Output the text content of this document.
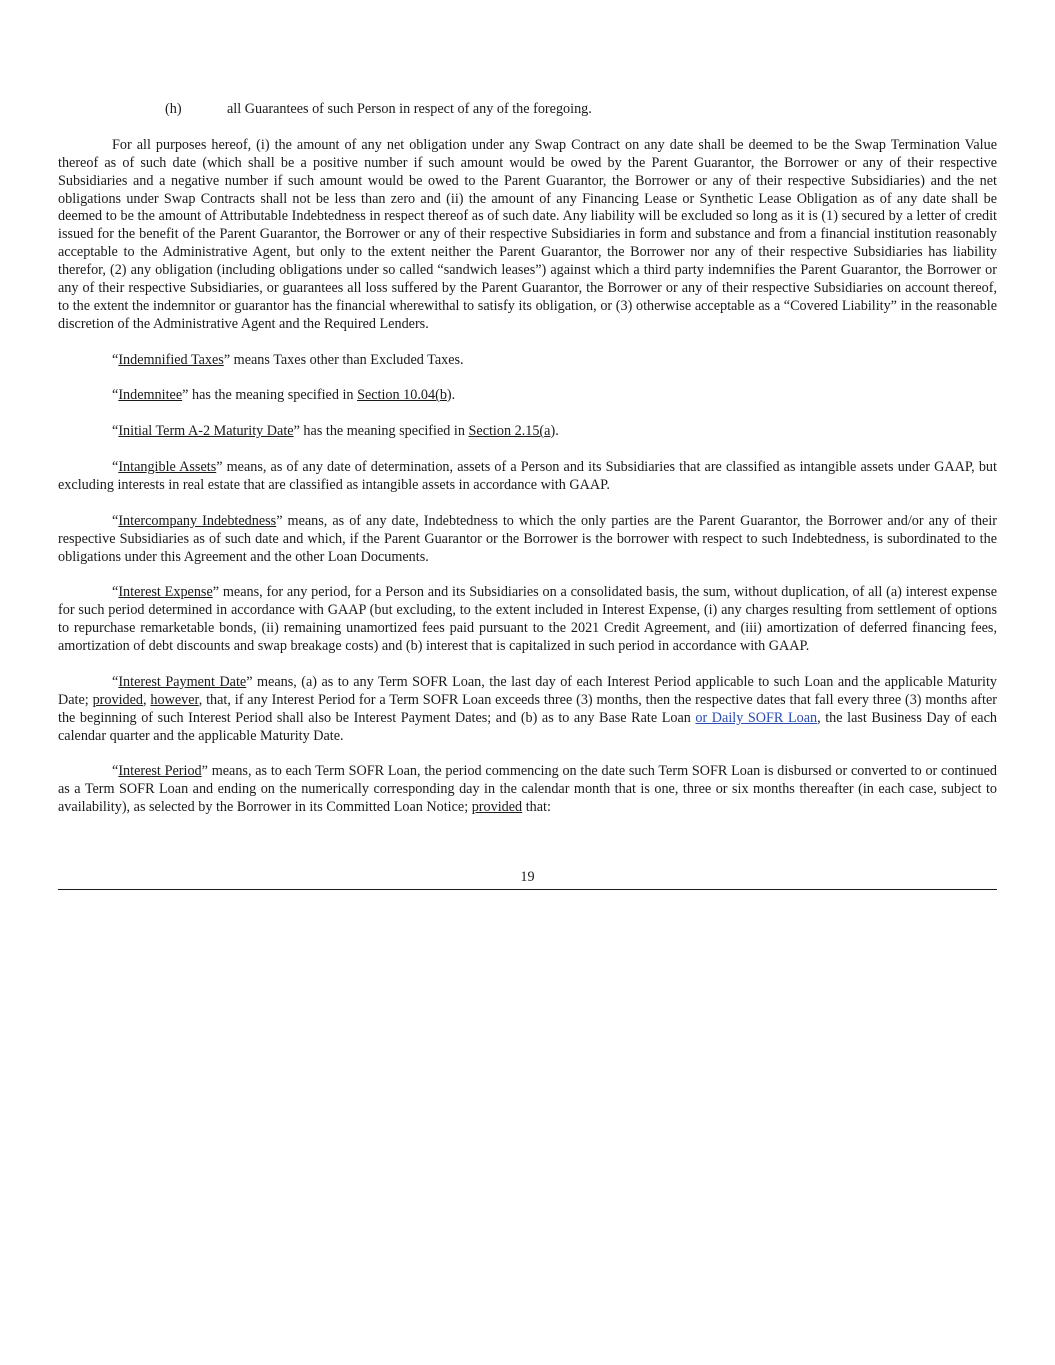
(h)	all Guarantees of such Person in respect of any of the foregoing.

For all purposes hereof, (i) the amount of any net obligation under any Swap Contract on any date shall be deemed to be the Swap Termination Value thereof as of such date (which shall be a positive number if such amount would be owed by the Parent Guarantor, the Borrower or any of their respective Subsidiaries and a negative number if such amount would be owed to the Parent Guarantor, the Borrower or any of their respective Subsidiaries) and the net obligations under Swap Contracts shall not be less than zero and (ii) the amount of any Financing Lease or Synthetic Lease Obligation as of any date shall be deemed to be the amount of Attributable Indebtedness in respect thereof as of such date. Any liability will be excluded so long as it is (1) secured by a letter of credit issued for the benefit of the Parent Guarantor, the Borrower or any of their respective Subsidiaries in form and substance and from a financial institution reasonably acceptable to the Administrative Agent, but only to the extent neither the Parent Guarantor, the Borrower nor any of their respective Subsidiaries has liability therefor, (2) any obligation (including obligations under so called “sandwich leases”) against which a third party indemnifies the Parent Guarantor, the Borrower or any of their respective Subsidiaries, or guarantees all loss suffered by the Parent Guarantor, the Borrower or any of their respective Subsidiaries on account thereof, to the extent the indemnitor or guarantor has the financial wherewithal to satisfy its obligation, or (3) otherwise acceptable as a “Covered Liability” in the reasonable discretion of the Administrative Agent and the Required Lenders.

“Indemnified Taxes” means Taxes other than Excluded Taxes.

“Indemnitee” has the meaning specified in Section 10.04(b).

“Initial Term A-2 Maturity Date” has the meaning specified in Section 2.15(a).

“Intangible Assets” means, as of any date of determination, assets of a Person and its Subsidiaries that are classified as intangible assets under GAAP, but excluding interests in real estate that are classified as intangible assets in accordance with GAAP.

“Intercompany Indebtedness” means, as of any date, Indebtedness to which the only parties are the Parent Guarantor, the Borrower and/or any of their respective Subsidiaries as of such date and which, if the Parent Guarantor or the Borrower is the borrower with respect to such Indebtedness, is subordinated to the obligations under this Agreement and the other Loan Documents.

“Interest Expense” means, for any period, for a Person and its Subsidiaries on a consolidated basis, the sum, without duplication, of all (a) interest expense for such period determined in accordance with GAAP (but excluding, to the extent included in Interest Expense, (i) any charges resulting from settlement of options to repurchase remarketable bonds, (ii) remaining unamortized fees paid pursuant to the 2021 Credit Agreement, and (iii) amortization of deferred financing fees, amortization of debt discounts and swap breakage costs) and (b) interest that is capitalized in such period in accordance with GAAP.

“Interest Payment Date” means, (a) as to any Term SOFR Loan, the last day of each Interest Period applicable to such Loan and the applicable Maturity Date; provided, however, that, if any Interest Period for a Term SOFR Loan exceeds three (3) months, then the respective dates that fall every three (3) months after the beginning of such Interest Period shall also be Interest Payment Dates; and (b) as to any Base Rate Loan or Daily SOFR Loan, the last Business Day of each calendar quarter and the applicable Maturity Date.

“Interest Period” means, as to each Term SOFR Loan, the period commencing on the date such Term SOFR Loan is disbursed or converted to or continued as a Term SOFR Loan and ending on the numerically corresponding day in the calendar month that is one, three or six months thereafter (in each case, subject to availability), as selected by the Borrower in its Committed Loan Notice; provided that:

19
